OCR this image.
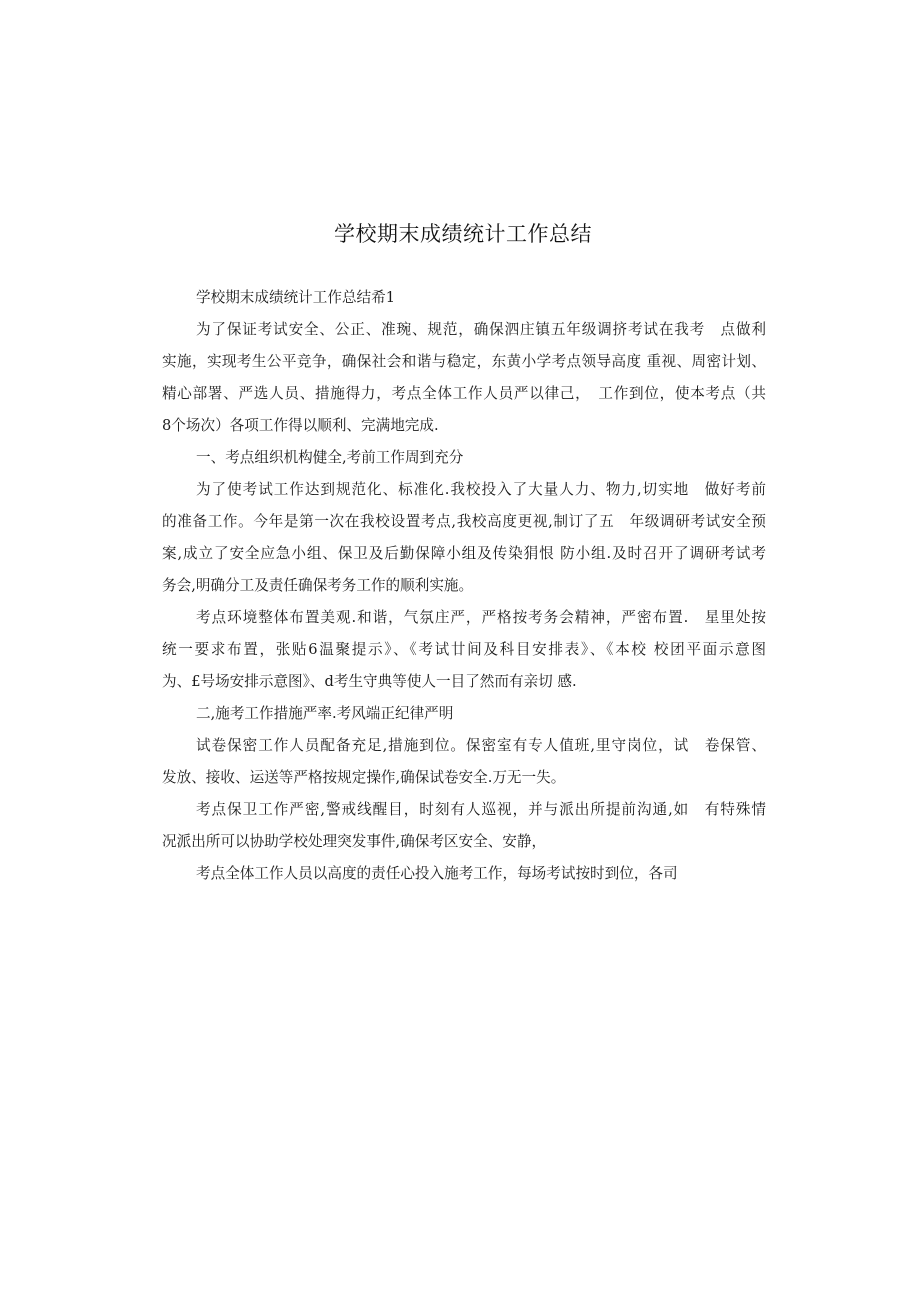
学校期末成绩统计工作总结
学校期末成绩统计工作总结希1
为了保证考试安全、公正、准琬、规范，确保泗庄镇五年级调挤考试在我考　点做利
实施，实现考生公平竞争，确保社会和谐与稳定，东黄小学考点领导高度 重视、周密计划、
精心部署、严选人员、措施得力，考点全体工作人员严以律己，　工作到位，使本考点（共
8个场次）各项工作得以顺利、完满地完成.
一、考点组织机构健全,考前工作周到充分
为了使考试工作达到规范化、标准化.我校投入了大量人力、物力,切实地　做好考前
的准备工作。今年是第一次在我校设置考点,我校高度更视,制订了五　年级调研考试安全预
案,成立了安全应急小组、保卫及后勤保障小组及传染狷恨 防小组.及时召开了调研考试考
务会,明确分工及责任确保考务工作的顺利实施。
考点环境整体布置美观.和谐，气氛庄严，严格按考务会精神，严密布置.　星里处按
统一要求布置，张贴6温聚提示》、《考试廿间及科目安排表》、《本校 校团平面示意图
为、£号场安排示意图》、d考生守典等使人一目了然而有亲切 感.
二,施考工作措施严率.考风端正纪律严明
试卷保密工作人员配备充足,措施到位。保密室有专人值班,里守岗位，试　卷保管、
发放、接收、运送等严格按规定操作,确保试卷安全.万无一失。
考点保卫工作严密,警戒线醒目，时刻有人巡视，并与派出所提前沟通,如　有特殊情
况派出所可以协助学校处理突发事件,确保考区安全、安静，
考点全体工作人员以高度的责任心投入施考工作，每场考试按时到位，各司
